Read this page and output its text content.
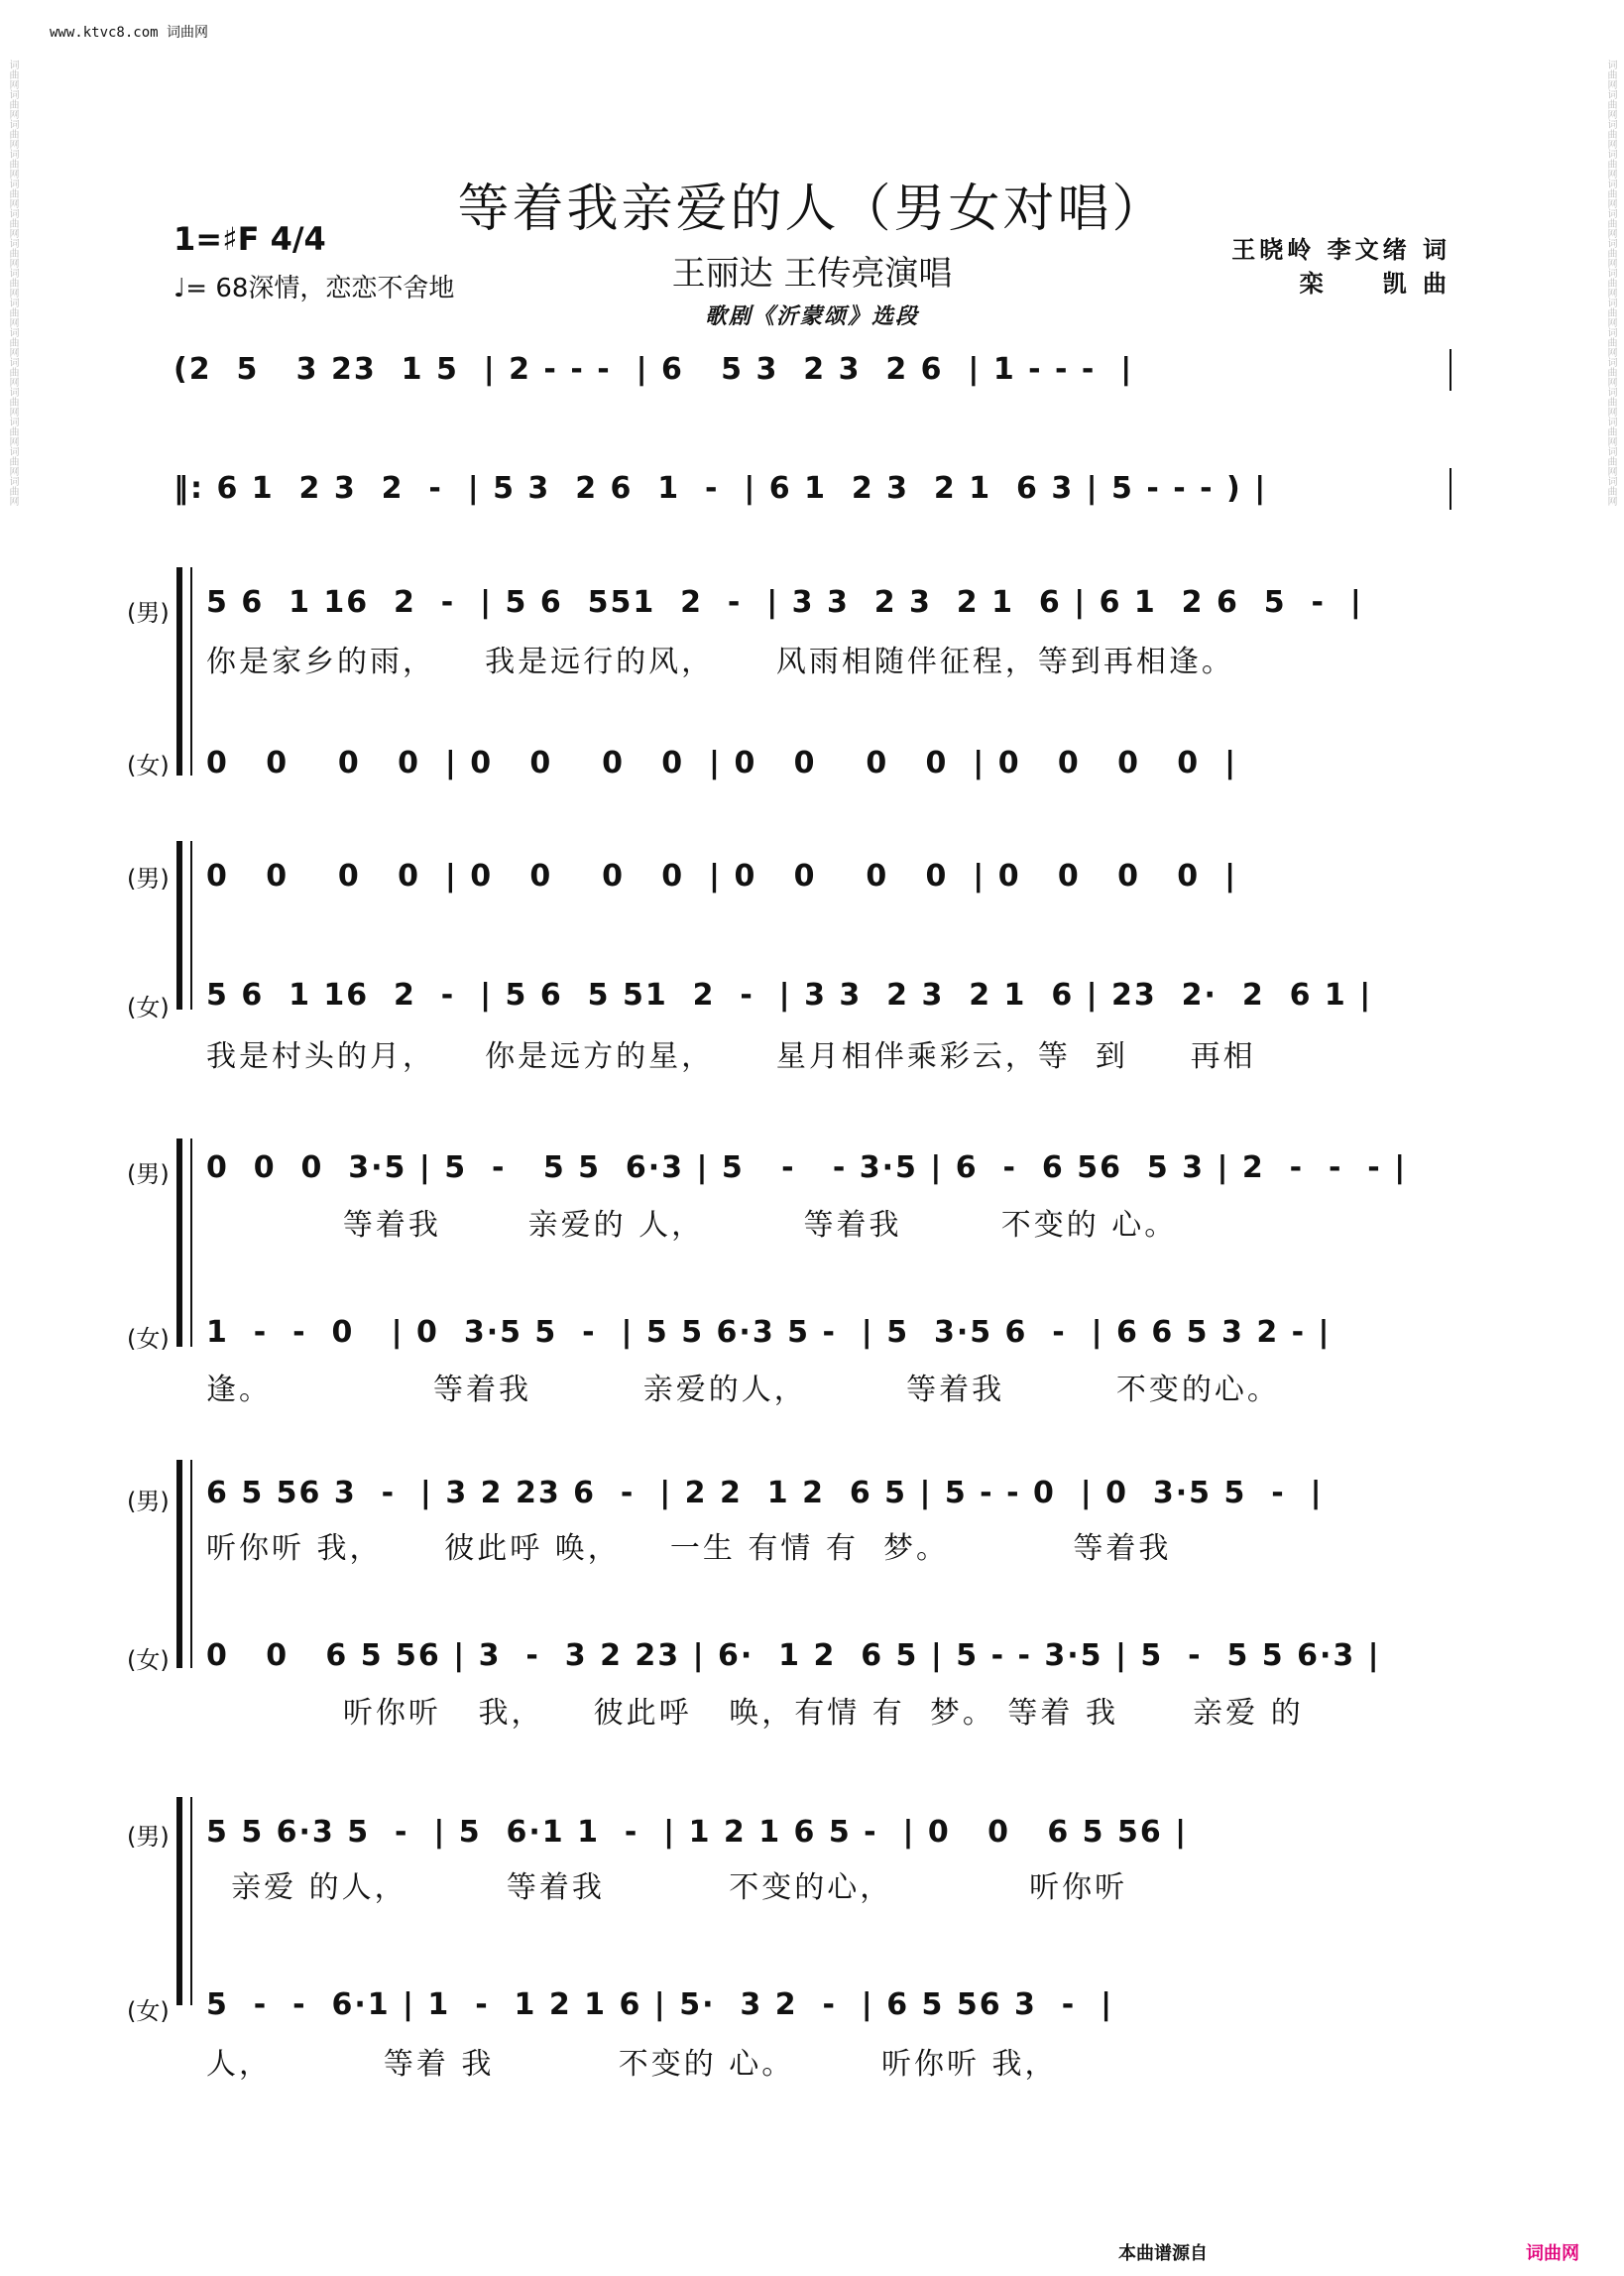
www.ktvc8.com 词曲网
等着我亲爱的人（男女对唱）
1=♯F 4/4
♩= 68深情，恋恋不舍地	王丽达 王传亮演唱
歌剧《沂蒙颂》选段
王晓岭 李文绪 词
栾　　凯 曲
词曲网词曲网词曲网词曲网词曲网词曲网词曲网词曲网词曲网词曲网词曲网词曲网词曲网词曲网词曲网	词曲网词曲网词曲网词曲网词曲网词曲网词曲网词曲网词曲网词曲网词曲网词曲网词曲网词曲网词曲网
(2  5   3 23  1 5  | 2 - - -  | 6   5 3  2 3  2 6  | 1 - - -  |
‖: 6 1  2 3  2  -  | 5 3  2 6  1  -  | 6 1  2 3  2 1  6 3 | 5 - - - ) |
(男) 5 6  1 16  2  -  | 5 6  551  2  -  | 3 3  2 3  2 1  6 | 6 1  2 6  5  -  |
你是家乡的雨，    我是远行的风，     风雨相随伴征程，等到再相逢。
(女) 0   0    0   0  | 0   0    0   0  | 0   0    0   0  | 0   0   0   0  |
(男) 0   0    0   0  | 0   0    0   0  | 0   0    0   0  | 0   0   0   0  |
(女) 5 6  1 16  2  -  | 5 6  5 51  2  -  | 3 3  2 3  2 1  6 | 23  2·  2  6 1 |
我是村头的月，    你是远方的星，     星月相伴乘彩云，等  到     再相
(男) 0  0  0  3·5 | 5  -   5 5  6·3 | 5   -   - 3·5 | 6  -  6 56  5 3 | 2  -  -  - |
等着我       亲爱的 人，        等着我        不变的 心。
(女) 1  -  -  0   | 0  3·5 5  -  | 5 5 6·3 5 -  | 5  3·5 6  -  | 6 6 5 3 2 - |
逢。             等着我         亲爱的人，        等着我         不变的心。
(男) 6 5 56 3  -  | 3 2 23 6  -  | 2 2  1 2  6 5 | 5 - - 0  | 0  3·5 5  -  |
听你听 我，     彼此呼 唤，    一生 有情 有  梦。          等着我
(女) 0   0   6 5 56 | 3  -  3 2 23 | 6·  1 2  6 5 | 5 - - 3·5 | 5  -  5 5 6·3 |
听你听   我，    彼此呼   唤，有情 有  梦。 等着 我      亲爱 的
(男) 5 5 6·3 5  -  | 5  6·1 1  -  | 1 2 1 6 5 -  | 0   0   6 5 56 |
亲爱 的人，        等着我          不变的心，           听你听
(女) 5  -  -  6·1 | 1  -  1 2 1 6 | 5·  3 2  -  | 6 5 56 3  -  |
人，         等着 我          不变的 心。       听你听 我，
本曲谱源自	词曲网
